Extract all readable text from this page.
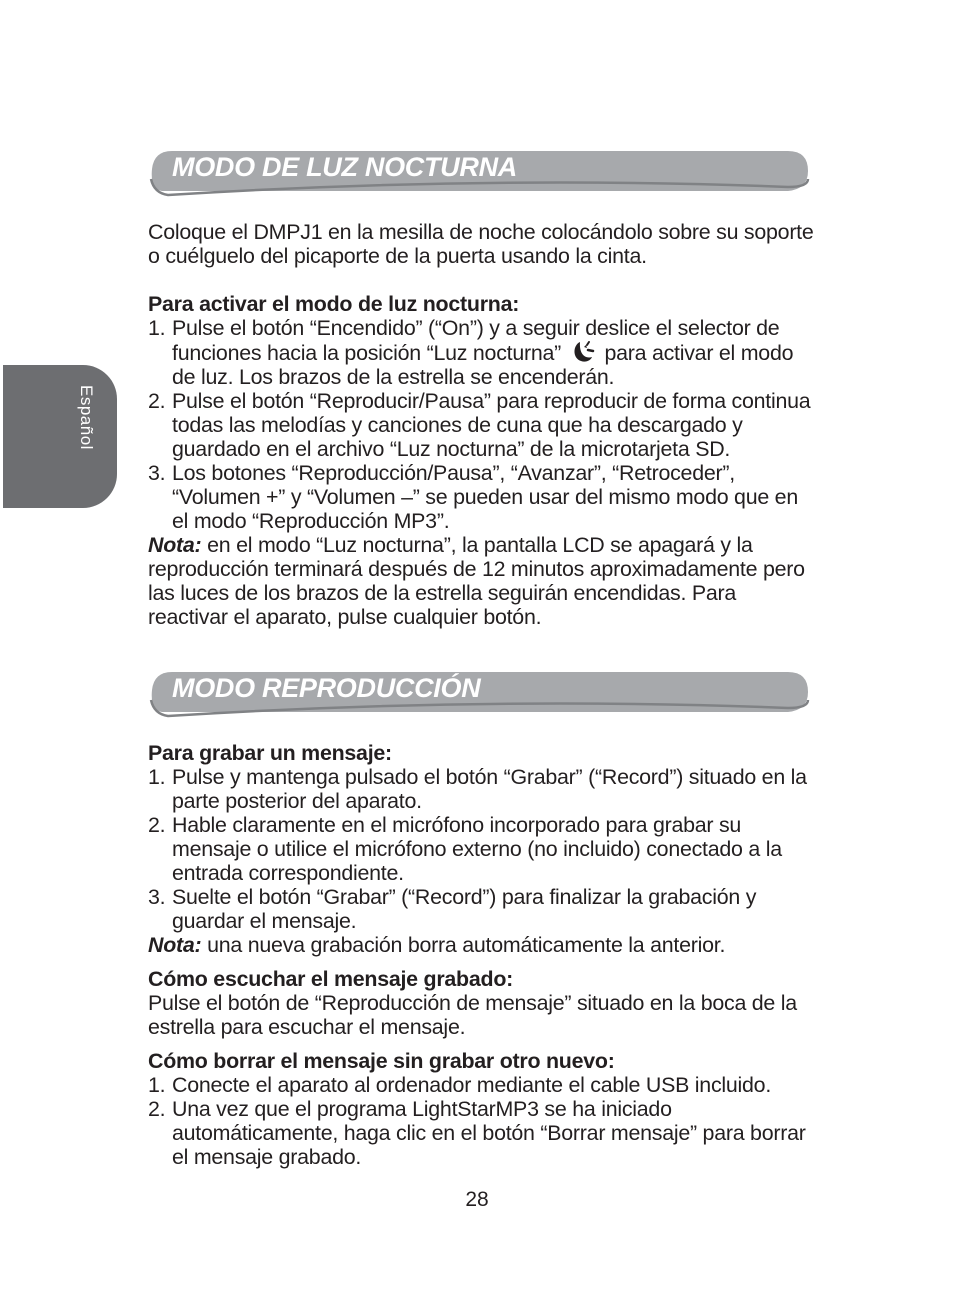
Español
MODO DE LUZ NOCTURNA

Coloque el DMPJ1 en la mesilla de noche colocándolo sobre su soporte o cuélguelo del picaporte de la puerta usando la cinta.

Para activar el modo de luz nocturna:

1. Pulse el botón “Encendido” (“On”) y a seguir deslice el selector de funciones hacia la posición “Luz nocturna” para activar el modo de luz. Los brazos de la estrella se encenderán.
2. Pulse el botón “Reproducir/Pausa” para reproducir de forma continua todas las melodías y canciones de cuna que ha descargado y guardado en el archivo “Luz nocturna” de la microtarjeta SD.
3. Los botones “Reproducción/Pausa”, “Avanzar”, “Retroceder”, “Volumen +” y “Volumen –” se pueden usar del mismo modo que en el modo “Reproducción MP3”.

Nota: en el modo “Luz nocturna”, la pantalla LCD se apagará y la reproducción terminará después de 12 minutos aproximadamente pero las luces de los brazos de la estrella seguirán encendidas. Para reactivar el aparato, pulse cualquier botón.

MODO REPRODUCCIÓN

Para grabar un mensaje:

1. Pulse y mantenga pulsado el botón “Grabar” (“Record”) situado en la parte posterior del aparato.
2. Hable claramente en el micrófono incorporado para grabar su mensaje o utilice el micrófono externo (no incluido) conectado a la entrada correspondiente.
3. Suelte el botón “Grabar” (“Record”) para finalizar la grabación y guardar el mensaje.

Nota: una nueva grabación borra automáticamente la anterior.

Cómo escuchar el mensaje grabado:

Pulse el botón de “Reproducción de mensaje” situado en la boca de la estrella para escuchar el mensaje.

Cómo borrar el mensaje sin grabar otro nuevo:

1. Conecte el aparato al ordenador mediante el cable USB incluido.
2. Una vez que el programa LightStarMP3 se ha iniciado automáticamente, haga clic en el botón “Borrar mensaje” para borrar el mensaje grabado.
28
